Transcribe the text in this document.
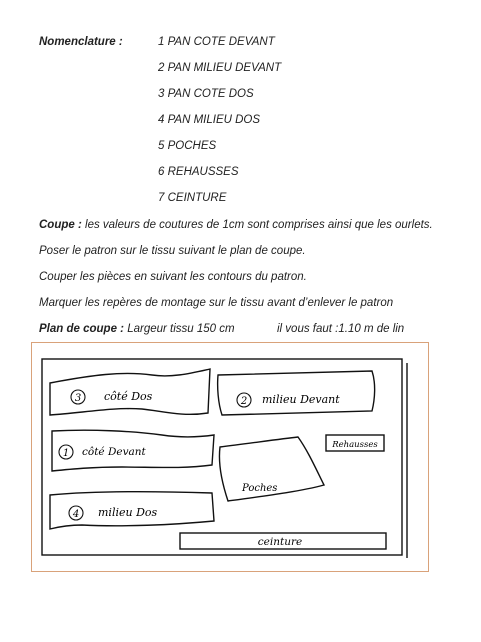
Nomenclature :	1 PAN COTE DEVANT
2 PAN MILIEU DEVANT
3 PAN COTE DOS
4 PAN MILIEU DOS
5 POCHES
6 REHAUSSES
7 CEINTURE
Coupe : les valeurs de coutures de 1cm sont comprises ainsi que les ourlets.
Poser le patron sur le tissu suivant le plan de coupe.
Couper les pièces en suivant les contours du patron.
Marquer les repères de montage sur le tissu avant d’enlever le patron
Plan de coupe : Largeur tissu 150 cm	il vous faut :1.10 m de lin
3 côté Dos	2 milieu Devant
1 côté Devant
4 milieu Dos
Poches
Rehausses
ceinture
